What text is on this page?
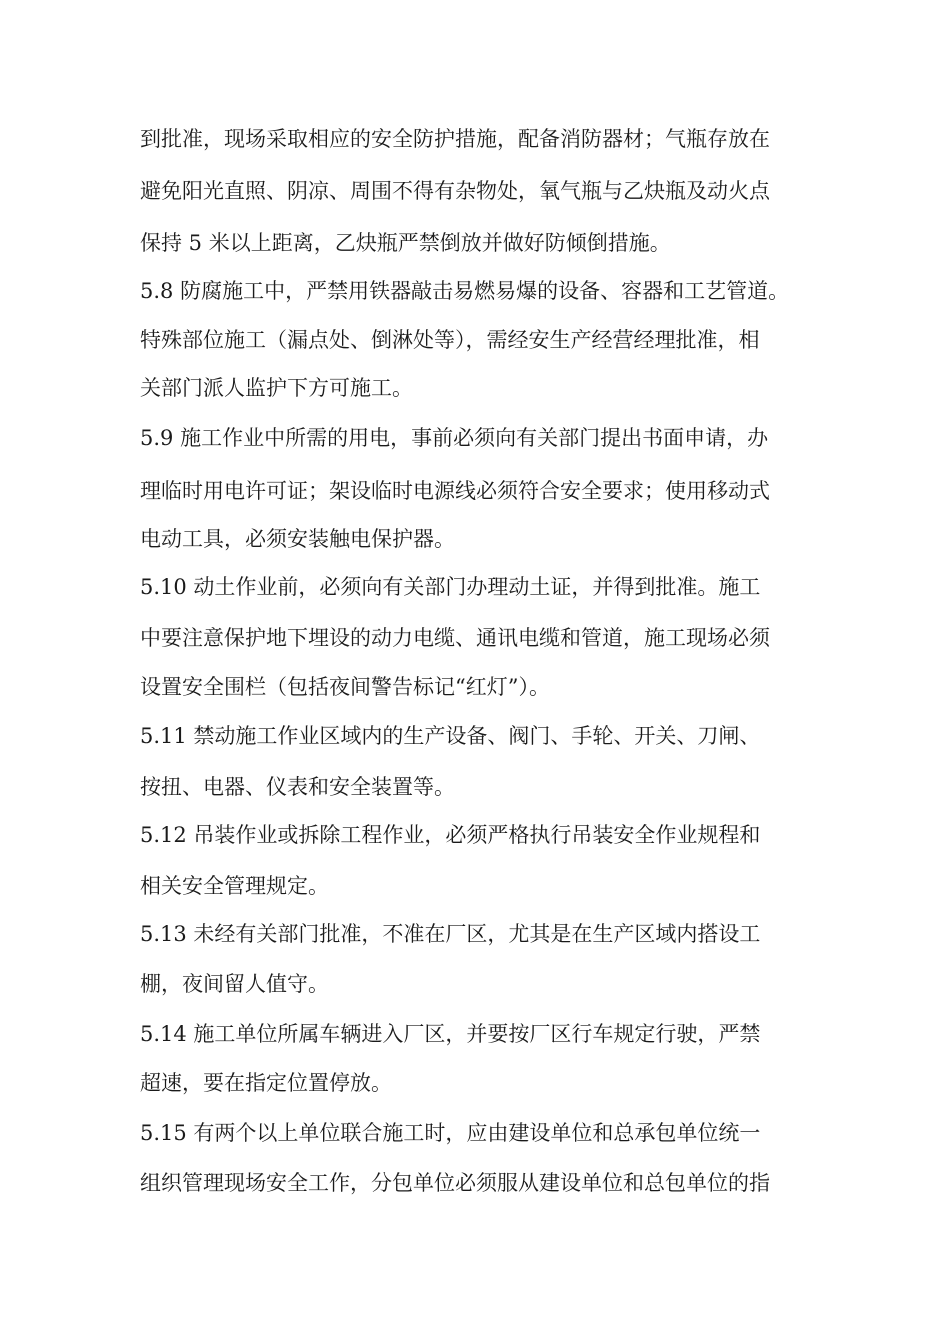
到批准，现场采取相应的安全防护措施，配备消防器材；气瓶存放在
避免阳光直照、阴凉、周围不得有杂物处，氧气瓶与乙炔瓶及动火点
保持 5 米以上距离，乙炔瓶严禁倒放并做好防倾倒措施。
5.8 防腐施工中，严禁用铁器敲击易燃易爆的设备、容器和工艺管道。
特殊部位施工（漏点处、倒淋处等），需经安生产经营经理批准，相
关部门派人监护下方可施工。
5.9 施工作业中所需的用电，事前必须向有关部门提出书面申请，办
理临时用电许可证；架设临时电源线必须符合安全要求；使用移动式
电动工具，必须安装触电保护器。
5.10 动土作业前，必须向有关部门办理动土证，并得到批准。施工
中要注意保护地下埋设的动力电缆、通讯电缆和管道，施工现场必须
设置安全围栏（包括夜间警告标记“红灯”）。
5.11 禁动施工作业区域内的生产设备、阀门、手轮、开关、刀闸、
按扭、电器、仪表和安全装置等。
5.12 吊装作业或拆除工程作业，必须严格执行吊装安全作业规程和
相关安全管理规定。
5.13 未经有关部门批准，不准在厂区，尤其是在生产区域内搭设工
棚，夜间留人值守。
5.14 施工单位所属车辆进入厂区，并要按厂区行车规定行驶，严禁
超速，要在指定位置停放。
5.15 有两个以上单位联合施工时，应由建设单位和总承包单位统一
组织管理现场安全工作，分包单位必须服从建设单位和总包单位的指
